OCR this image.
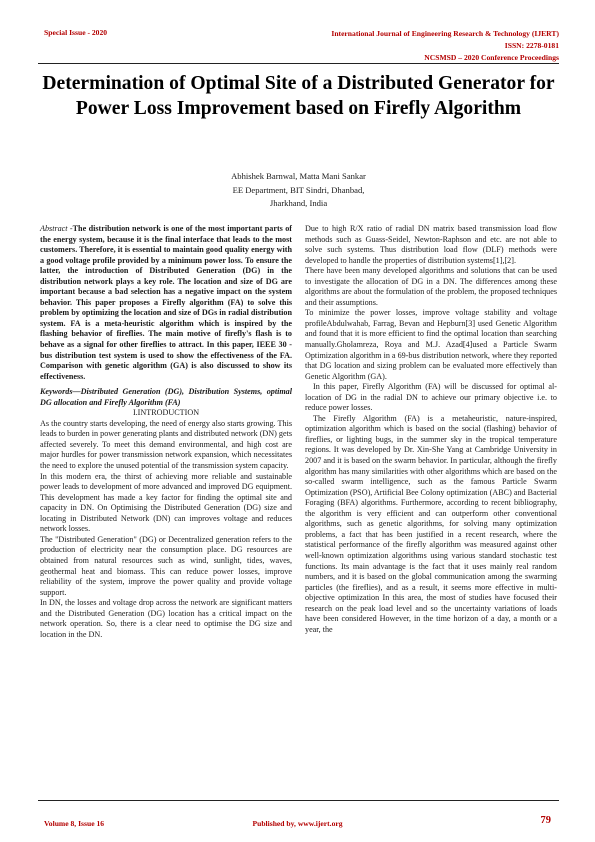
Special Issue - 2020	International Journal of Engineering Research & Technology (IJERT)
ISSN: 2278-0181
NCSMSD – 2020 Conference Proceedings
Determination of Optimal Site of a Distributed Generator for Power Loss Improvement based on Firefly Algorithm
Abhishek Barnwal, Matta Mani Sankar
EE Department, BIT Sindri, Dhanbad,
Jharkhand, India

Abstract -The distribution network is one of the most important parts of the energy system, because it is the final interface that leads to the most customers. Therefore, it is essential to maintain good quality energy with a good voltage profile provided by a minimum power loss. To ensure the latter, the introduction of Distributed Generation (DG) in the distribution network plays a key role. The location and size of DG are important because a bad selection has a negative impact on the system behavior. This paper proposes a Firefly algorithm (FA) to solve this problem by optimizing the location and size of DGs in radial distribution system. FA is a meta-heuristic algorithm which is inspired by the flashing behavior of fireflies. The main motive of firefly's flash is to behave as a signal for other fireflies to attract. In this paper, IEEE 30 -bus distribution test system is used to show the effectiveness of the FA. Comparison with genetic algorithm (GA) is also discussed to show its effectiveness.

Keywords—Distributed Generation (DG), Distribution Systems, optimal DG allocation and Firefly Algorithm (FA)

I.INTRODUCTION

As the country starts developing, the need of energy also starts growing. This leads to burden in power generating plants and distributed network (DN) gets affected severely. To meet this demand environmental, and high cost are major hurdles for power transmission network expansion, which necessitates the need to explore the unused potential of the transmission system capacity.

In this modern era, the thirst of achieving more reliable and sustainable power leads to development of more advanced and improved DG equipment. This development has made a key factor for finding the optimal site and capacity in DN. On Optimising the Distributed Generation (DG) size and locating in Distributed Network (DN) can improves voltage and reduces network losses.

The "Distributed Generation" (DG) or Decentralized generation refers to the production of electricity near the consumption place. DG resources are obtained from natural resources such as wind, sunlight, tides, waves, geothermal heat and biomass. This can reduce power losses, improve reliability of the system, improve the power quality and provide voltage support.

In DN, the losses and voltage drop across the network are significant matters and the Distributed Generation (DG) location has a critical impact on the network operation. So, there is a clear need to optimise the DG size and location in the DN.

Due to high R/X ratio of radial DN matrix based transmission load flow methods such as Guass-Seidel, Newton-Raphson and etc. are not able to solve such systems. Thus distribution load flow (DLF) methods were developed to handle the properties of distribution systems[1],[2].

There have been many developed algorithms and solutions that can be used to investigate the allocation of DG in a DN. The differences among these algorithms are about the formulation of the problem, the proposed techniques and their assumptions.

To minimize the power losses, improve voltage stability and voltage profileAbdulwahab, Farrag, Bevan and Hepburn[3] used Genetic Algorithm and found that it is more efficient to find the optimal location than searching manually.Gholamreza, Roya and M.J. Azad[4]used a Particle Swarm Optimization algorithm in a 69-bus distribution network, where they reported that DG location and sizing problem can be evaluated more effectively than Genetic Algorithm (GA).

In this paper, Firefly Algorithm (FA) will be discussed for optimal al- location of DG in the radial DN to achieve our primary objective i.e. to reduce power losses.

The Firefly Algorithm (FA) is a metaheuristic, nature-inspired, optimization algorithm which is based on the social (flashing) behavior of fireflies, or lighting bugs, in the summer sky in the tropical temperature regions. It was developed by Dr. Xin-She Yang at Cambridge University in 2007 and it is based on the swarm behavior. In particular, although the firefly algorithm has many similarities with other algorithms which are based on the so-called swarm intelligence, such as the famous Particle Swarm Optimization (PSO), Artificial Bee Colony optimization (ABC) and Bacterial Foraging (BFA) algorithms. Furthermore, according to recent bibliography, the algorithm is very efficient and can outperform other conventional algorithms, such as genetic algorithms, for solving many optimization problems, a fact that has been justified in a recent research, where the statistical performance of the firefly algorithm was measured against other well-known optimization algorithms using various standard stochastic test functions. Its main advantage is the fact that it uses mainly real random numbers, and it is based on the global communication among the swarming particles (the fireflies), and as a result, it seems more effective in multi-objective optimization In this area, the most of studies have focused their research on the peak load level and so the uncertainty variations of loads have been considered However, in the time horizon of a day, a month or a year, the

Volume 8, Issue 16	Published by, www.ijert.org	79
